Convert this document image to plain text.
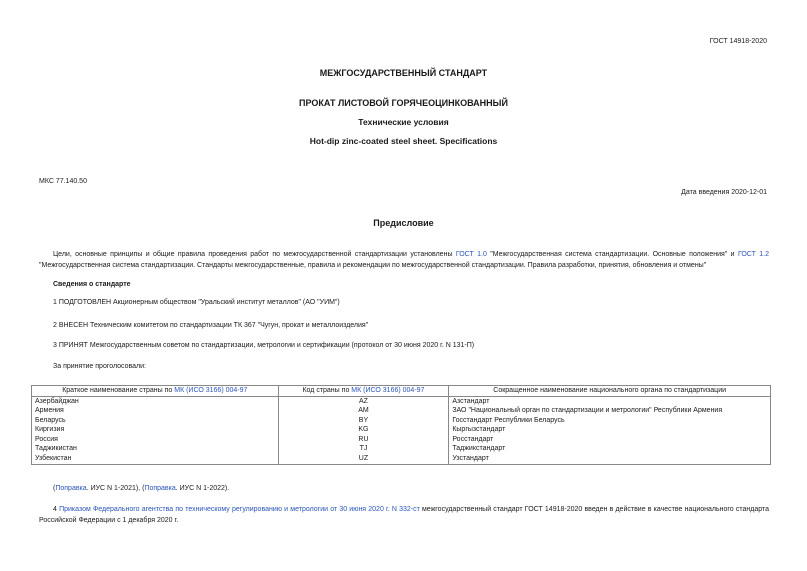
ГОСТ 14918-2020
МЕЖГОСУДАРСТВЕННЫЙ СТАНДАРТ
ПРОКАТ ЛИСТОВОЙ ГОРЯЧЕОЦИНКОВАННЫЙ
Технические условия
Hot-dip zinc-coated steel sheet. Specifications
МКС 77.140.50
Дата введения 2020-12-01
Предисловие
Цели, основные принципы и общие правила проведения работ по межгосударственной стандартизации установлены ГОСТ 1.0 "Межгосударственная система стандартизации. Основные положения" и ГОСТ 1.2 "Межгосударственная система стандартизации. Стандарты межгосударственные, правила и рекомендации по межгосударственной стандартизации. Правила разработки, принятия, обновления и отмены"
Сведения о стандарте
1 ПОДГОТОВЛЕН Акционерным обществом "Уральский институт металлов" (АО "УИМ")
2 ВНЕСЕН Техническим комитетом по стандартизации ТК 367 "Чугун, прокат и металлоизделия"
3 ПРИНЯТ Межгосударственным советом по стандартизации, метрологии и сертификации (протокол от 30 июня 2020 г. N 131-П)
За принятие проголосовали:
Краткое наименование страны по МК (ИСО 3166) 004-97	Код страны по МК (ИСО 3166) 004-97	Сокращенное наименование национального органа по стандартизации
Азербайджан	AZ	Азстандарт
Армения	AM	ЗАО "Национальный орган по стандартизации и метрологии" Республики Армения
Беларусь	BY	Госстандарт Республики Беларусь
Киргизия	KG	Кыргызстандарт
Россия	RU	Росстандарт
Таджикистан	TJ	Таджикстандарт
Узбекистан	UZ	Узстандарт
(Поправка. ИУС N 1-2021), (Поправка. ИУС N 1-2022).
4 Приказом Федерального агентства по техническому регулированию и метрологии от 30 июня 2020 г. N 332-ст межгосударственный стандарт ГОСТ 14918-2020 введен в действие в качестве национального стандарта Российской Федерации с 1 декабря 2020 г.
